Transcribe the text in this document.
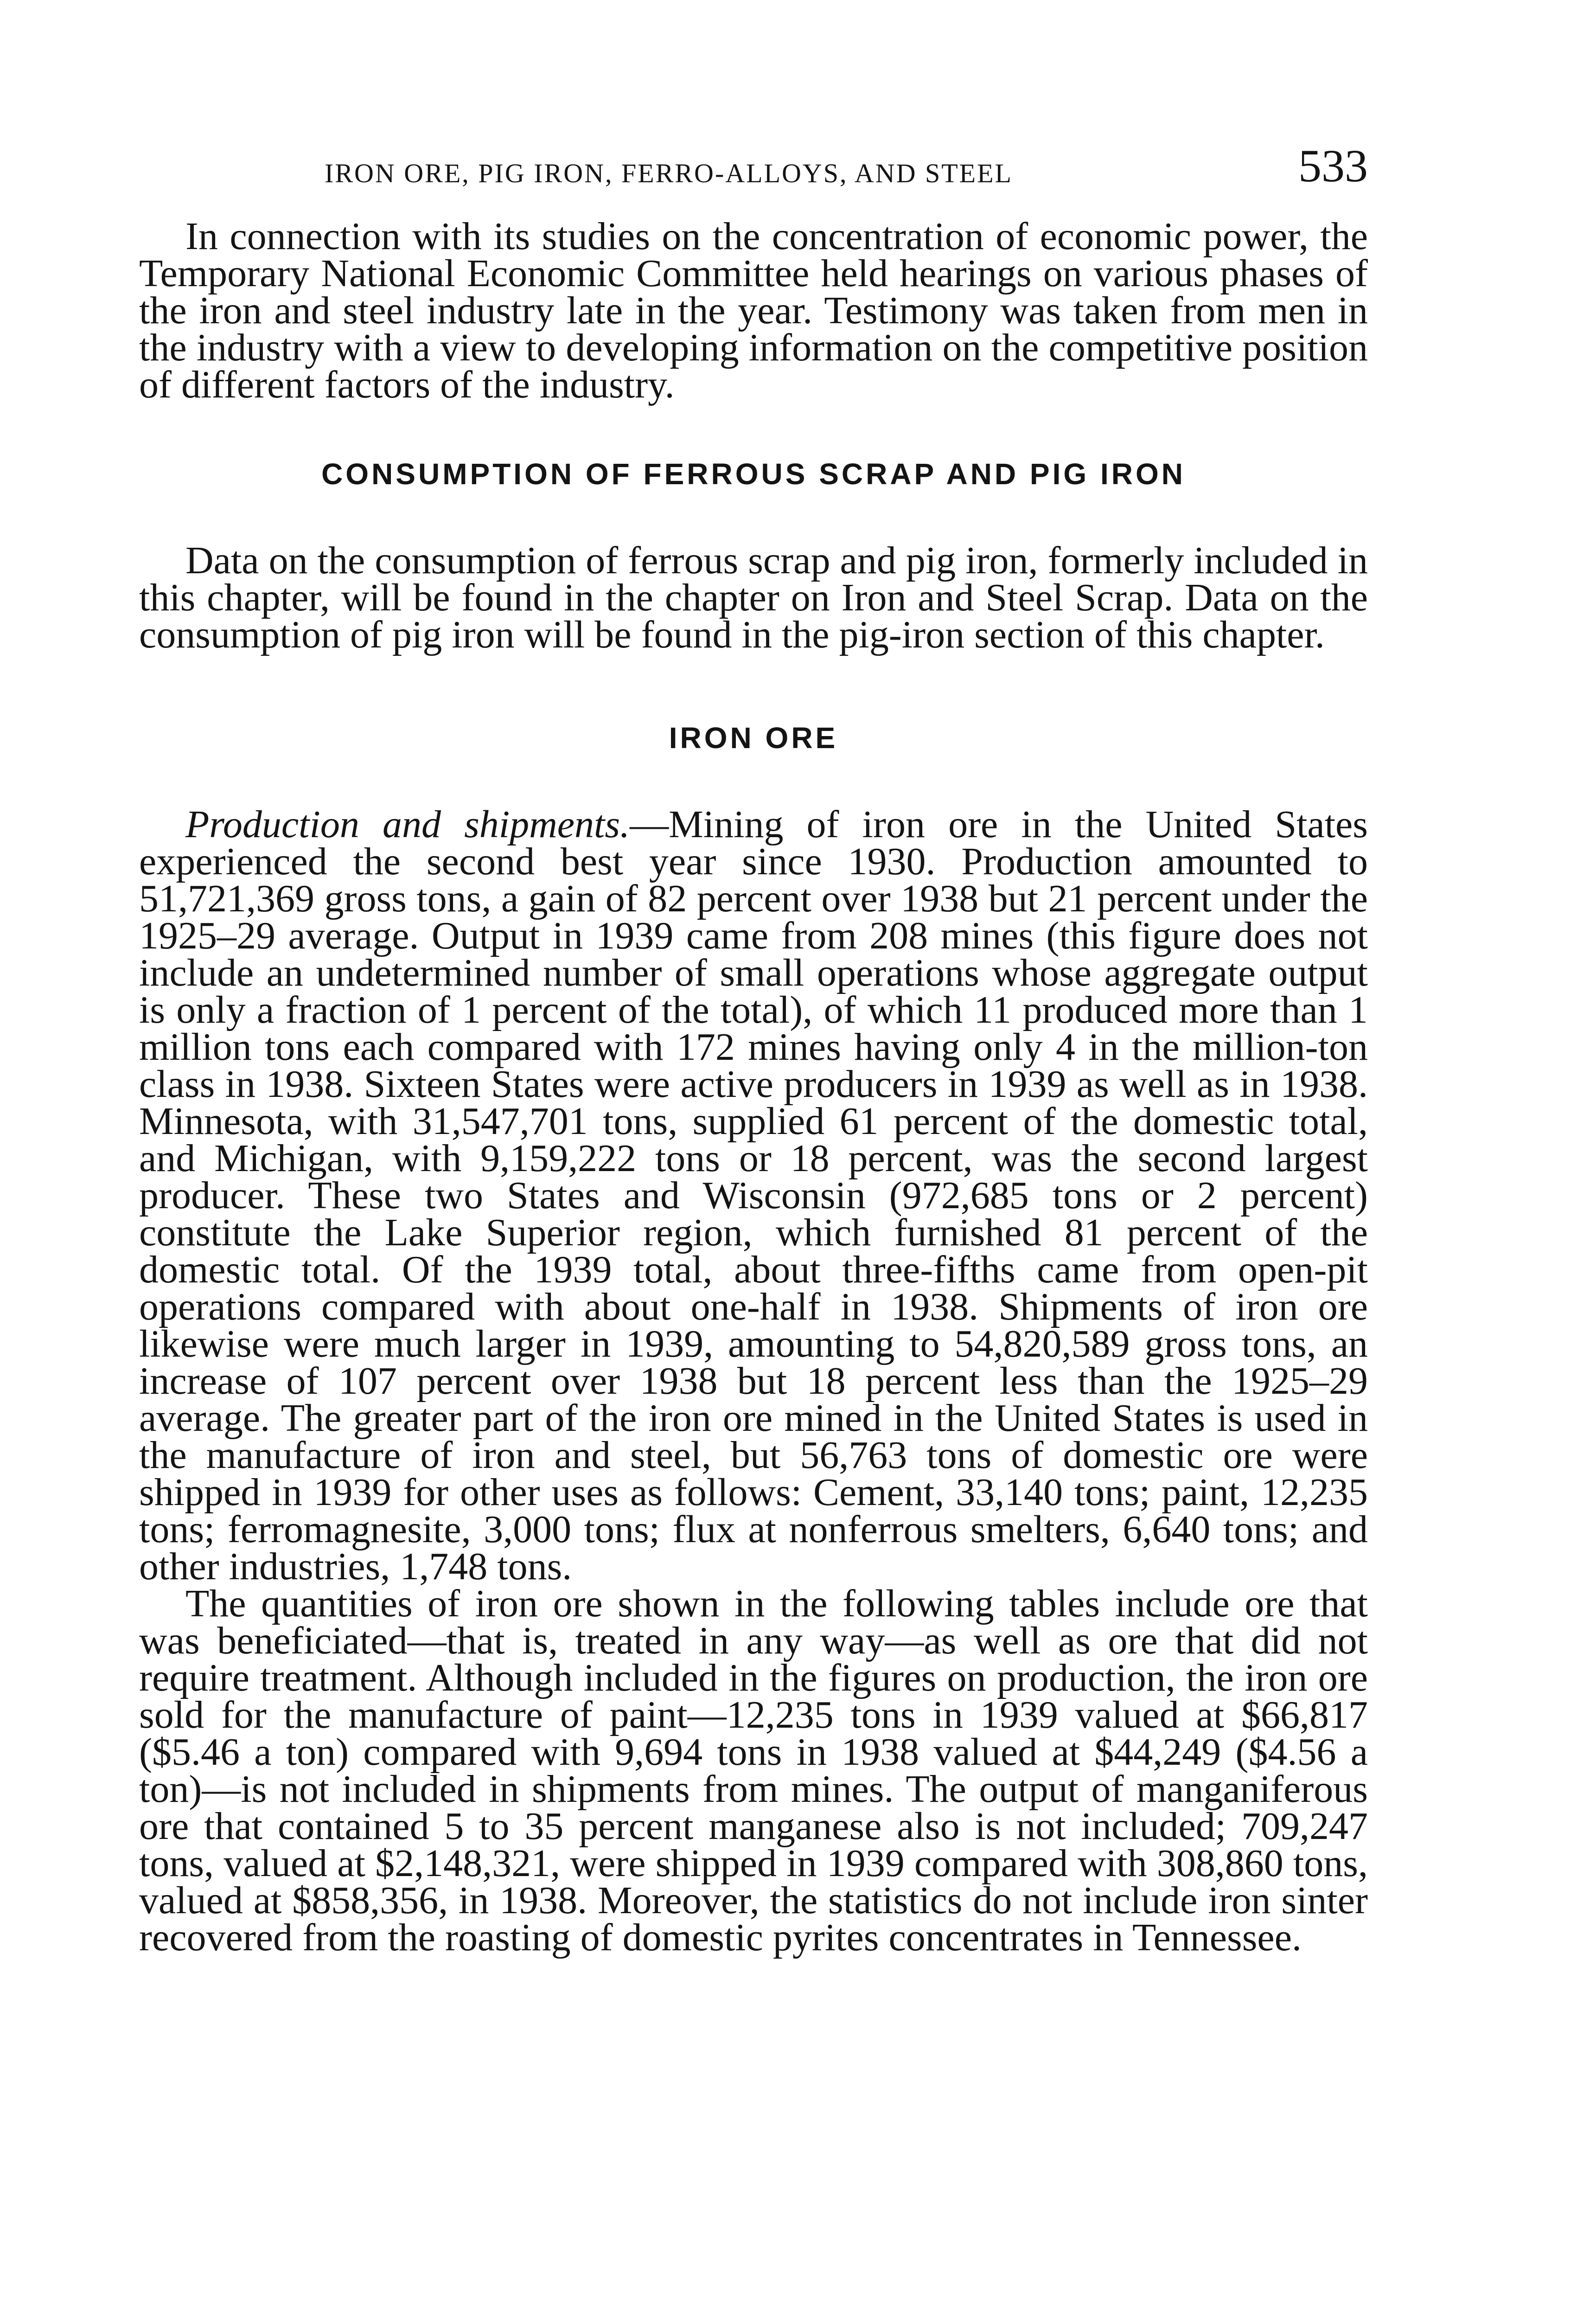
IRON ORE, PIG IRON, FERRO-ALLOYS, AND STEEL	533

In connection with its studies on the concentration of economic power, the Temporary National Economic Committee held hearings on various phases of the iron and steel industry late in the year. Testimony was taken from men in the industry with a view to developing information on the competitive position of different factors of the industry.

CONSUMPTION OF FERROUS SCRAP AND PIG IRON

Data on the consumption of ferrous scrap and pig iron, formerly included in this chapter, will be found in the chapter on Iron and Steel Scrap. Data on the consumption of pig iron will be found in the pig-iron section of this chapter.

IRON ORE

Production and shipments.—Mining of iron ore in the United States experienced the second best year since 1930. Production amounted to 51,721,369 gross tons, a gain of 82 percent over 1938 but 21 percent under the 1925–29 average. Output in 1939 came from 208 mines (this figure does not include an undetermined number of small operations whose aggregate output is only a fraction of 1 percent of the total), of which 11 produced more than 1 million tons each compared with 172 mines having only 4 in the million-ton class in 1938. Sixteen States were active producers in 1939 as well as in 1938. Minnesota, with 31,547,701 tons, supplied 61 percent of the domestic total, and Michigan, with 9,159,222 tons or 18 percent, was the second largest producer. These two States and Wisconsin (972,685 tons or 2 percent) constitute the Lake Superior region, which furnished 81 percent of the domestic total. Of the 1939 total, about three-fifths came from open-pit operations compared with about one-half in 1938. Shipments of iron ore likewise were much larger in 1939, amounting to 54,820,589 gross tons, an increase of 107 percent over 1938 but 18 percent less than the 1925–29 average. The greater part of the iron ore mined in the United States is used in the manufacture of iron and steel, but 56,763 tons of domestic ore were shipped in 1939 for other uses as follows: Cement, 33,140 tons; paint, 12,235 tons; ferromagnesite, 3,000 tons; flux at nonferrous smelters, 6,640 tons; and other industries, 1,748 tons.

The quantities of iron ore shown in the following tables include ore that was beneficiated—that is, treated in any way—as well as ore that did not require treatment. Although included in the figures on production, the iron ore sold for the manufacture of paint—12,235 tons in 1939 valued at $66,817 ($5.46 a ton) compared with 9,694 tons in 1938 valued at $44,249 ($4.56 a ton)—is not included in shipments from mines. The output of manganiferous ore that contained 5 to 35 percent manganese also is not included; 709,247 tons, valued at $2,148,321, were shipped in 1939 compared with 308,860 tons, valued at $858,356, in 1938. Moreover, the statistics do not include iron sinter recovered from the roasting of domestic pyrites concentrates in Tennessee.
